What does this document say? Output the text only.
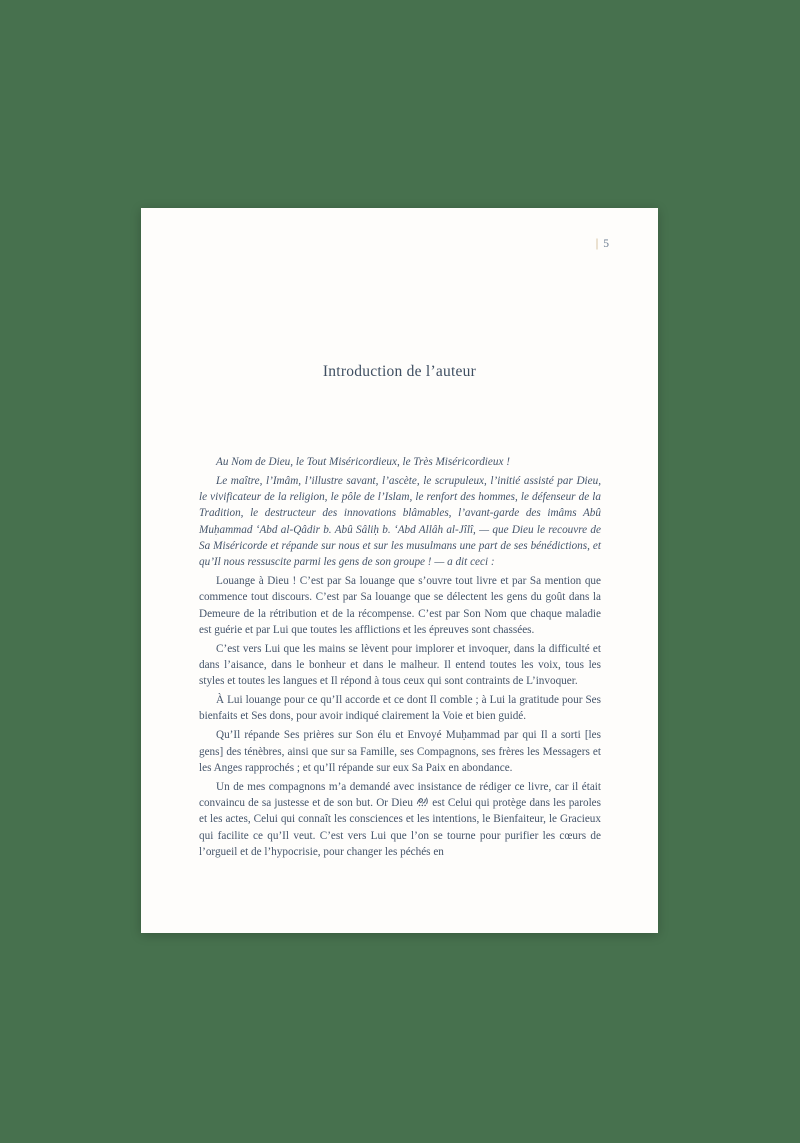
| 5
Introduction de l’auteur

Au Nom de Dieu, le Tout Miséricordieux, le Très Miséricordieux !

Le maître, l’Imâm, l’illustre savant, l’ascète, le scrupuleux, l’initié assisté par Dieu, le vivificateur de la religion, le pôle de l’Islam, le renfort des hommes, le défenseur de la Tradition, le destructeur des innovations blâmables, l’avant-garde des imâms Abû Muḥammad ‘Abd al-Qâdir b. Abû Sâliḥ b. ‘Abd Allâh al-Jîlî, — que Dieu le recouvre de Sa Miséricorde et répande sur nous et sur les musulmans une part de ses bénédictions, et qu’Il nous ressuscite parmi les gens de son groupe ! — a dit ceci :

Louange à Dieu ! C’est par Sa louange que s’ouvre tout livre et par Sa mention que commence tout discours. C’est par Sa louange que se délectent les gens du goût dans la Demeure de la rétribution et de la récompense. C’est par Son Nom que chaque maladie est guérie et par Lui que toutes les afflictions et les épreuves sont chassées.

C’est vers Lui que les mains se lèvent pour implorer et invoquer, dans la difficulté et dans l’aisance, dans le bonheur et dans le malheur. Il entend toutes les voix, tous les styles et toutes les langues et Il répond à tous ceux qui sont contraints de L’invoquer.

À Lui louange pour ce qu’Il accorde et ce dont Il comble ; à Lui la gratitude pour Ses bienfaits et Ses dons, pour avoir indiqué clairement la Voie et bien guidé.

Qu’Il répande Ses prières sur Son élu et Envoyé Muḥammad par qui Il a sorti [les gens] des ténèbres, ainsi que sur sa Famille, ses Compagnons, ses frères les Messagers et les Anges rapprochés ; et qu’Il répande sur eux Sa Paix en abondance.

Un de mes compagnons m’a demandé avec insistance de rédiger ce livre, car il était convaincu de sa justesse et de son but. Or Dieu est Celui qui protège dans les paroles et les actes, Celui qui connaît les consciences et les intentions, le Bienfaiteur, le Gracieux qui facilite ce qu’Il veut. C’est vers Lui que l’on se tourne pour purifier les cœurs de l’orgueil et de l’hypocrisie, pour changer les péchés en
